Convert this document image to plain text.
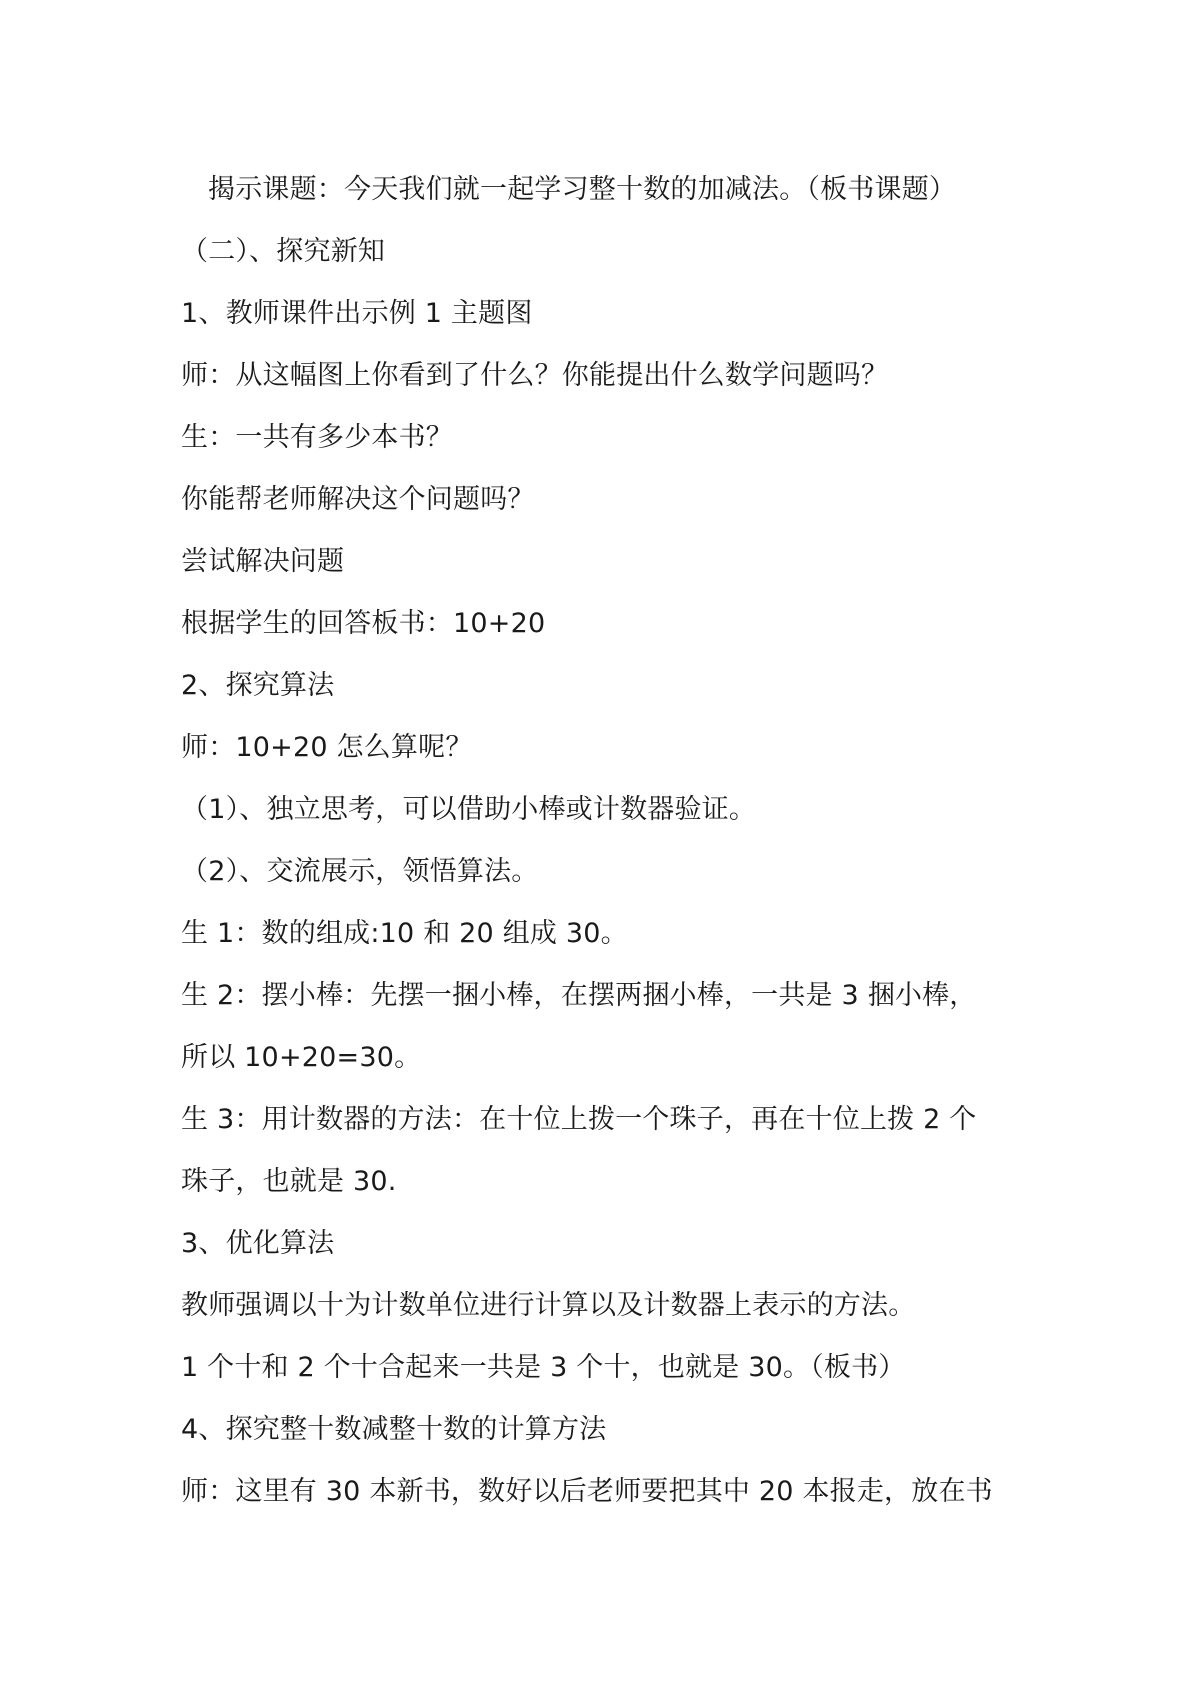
揭示课题：今天我们就一起学习整十数的加减法。（板书课题）

（二）、探究新知

1、教师课件出示例 1 主题图

师：从这幅图上你看到了什么？你能提出什么数学问题吗？

生：一共有多少本书？

你能帮老师解决这个问题吗？

尝试解决问题

根据学生的回答板书：10+20

2、探究算法

师：10+20 怎么算呢？

（1）、独立思考，可以借助小棒或计数器验证。

（2）、交流展示，领悟算法。

生 1：数的组成:10 和 20 组成 30。

生 2：摆小棒：先摆一捆小棒，在摆两捆小棒，一共是 3 捆小棒，

所以 10+20=30。

生 3：用计数器的方法：在十位上拨一个珠子，再在十位上拨 2 个

珠子，也就是 30.

3、优化算法

教师强调以十为计数单位进行计算以及计数器上表示的方法。

1 个十和 2 个十合起来一共是 3 个十，也就是 30。（板书）

4、探究整十数减整十数的计算方法

师：这里有 30 本新书，数好以后老师要把其中 20 本报走，放在书
